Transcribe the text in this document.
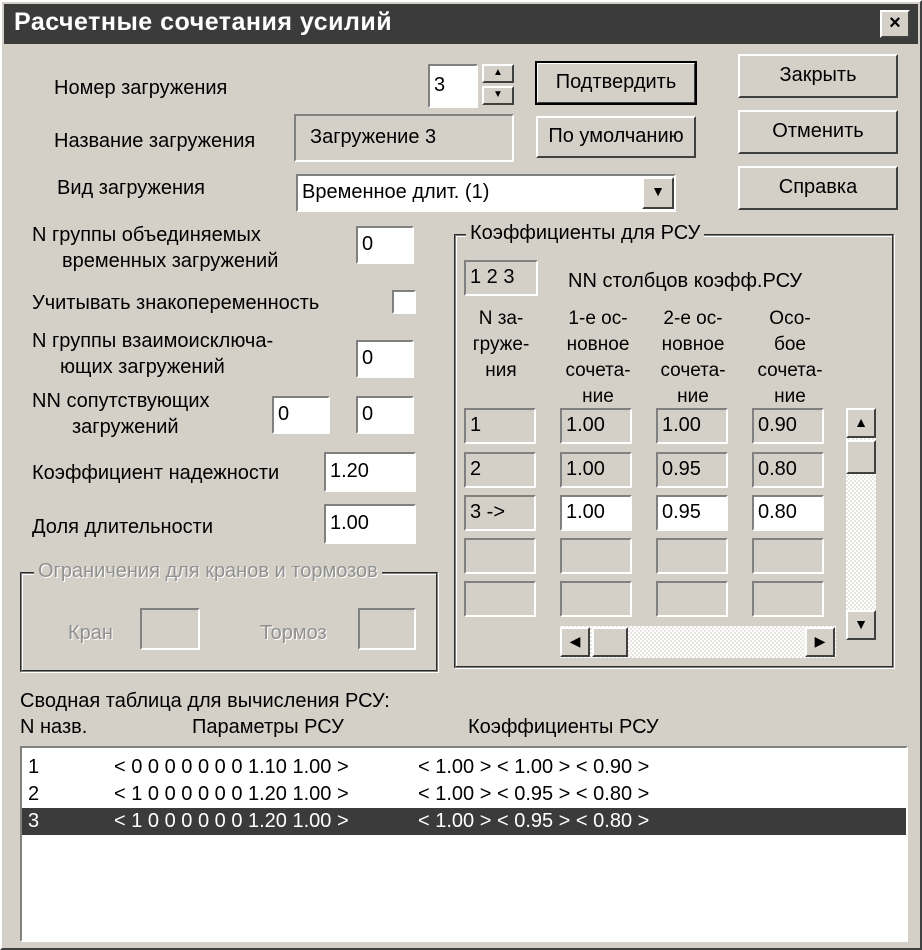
Расчетные сочетания усилий	×
Номер загружения	3
▲
▼
Название загружения	Загружение 3
Вид загружения	Временное длит. (1)	▼
Подтвердить
По умолчанию
Закрыть
Отменить
Справка
N группы объединяемых
временных загружений
0
Учитывать знакопеременность
N группы взаимоисключа-
ющих загружений	0
NN сопутствующих
загружений
0	0
Коэффициент надежности	1.20
Доля длительности	1.00
Ограничения для кранов и тормозов
Кран	Тормоз
Коэффициенты для РСУ
1 2 3	NN столбцов коэфф.РСУ
N за-
гружe-
ния
1-е ос-
новное
сочета-
ние
2-е ос-
новное
сочета-
ние
Осо-
бое
сочета-
ние
1	1.00	1.00	0.90
2	1.00	0.95	0.80
3 ->	1.00	0.95	0.80
▲
▼
◀	▶
Сводная таблица для вычисления РСУ:
N назв.	Параметры РСУ	Коэффициенты РСУ
1	< 0 0 0 0 0 0 0 1.10 1.00 >	< 1.00 > < 1.00 > < 0.90 >
2	< 1 0 0 0 0 0 0 1.20 1.00 >	< 1.00 > < 0.95 > < 0.80 >
3	< 1 0 0 0 0 0 0 1.20 1.00 >	< 1.00 > < 0.95 > < 0.80 >
